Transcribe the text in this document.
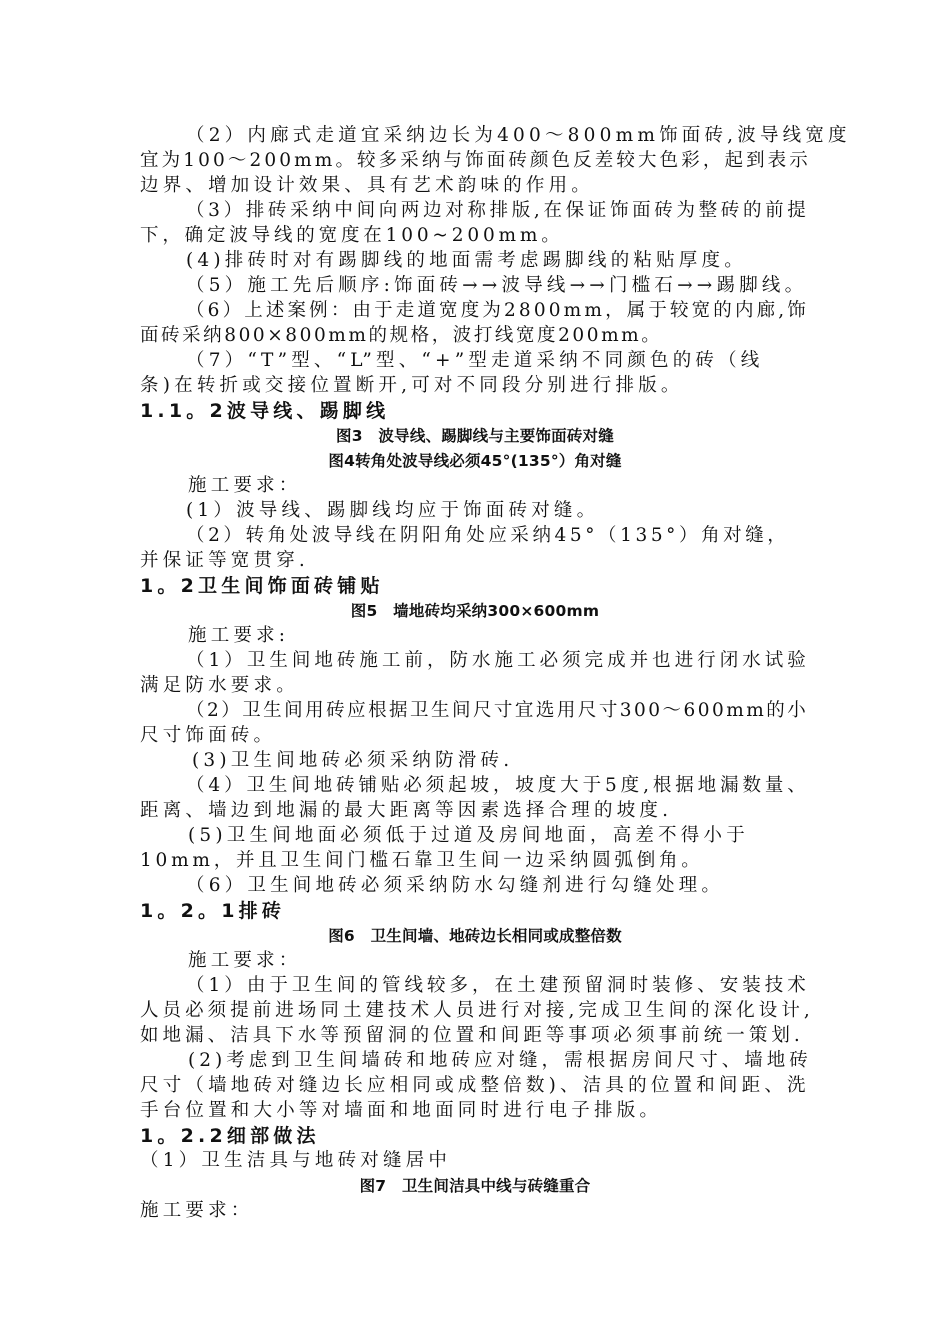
（2）内廊式走道宜采纳边长为400～800mm饰面砖,波导线宽度
宜为100～200mm。较多采纳与饰面砖颜色反差较大色彩，起到表示
边界、增加设计效果、具有艺术韵味的作用。
（3）排砖采纳中间向两边对称排版,在保证饰面砖为整砖的前提
下，确定波导线的宽度在100~200mm。
(4)排砖时对有踢脚线的地面需考虑踢脚线的粘贴厚度。
（5）施工先后顺序:饰面砖→→波导线→→门槛石→→踢脚线。
（6）上述案例：由于走道宽度为2800mm，属于较宽的内廊,饰
面砖采纳800×800mm的规格，波打线宽度200mm。
（7）“T”型、“L”型、“+”型走道采纳不同颜色的砖（线
条)在转折或交接位置断开,可对不同段分别进行排版。
1.1。2波导线、踢脚线
图3　波导线、踢脚线与主要饰面砖对缝
图4转角处波导线必须45°(135°）角对缝
施工要求：
(1）波导线、踢脚线均应于饰面砖对缝。
（2）转角处波导线在阴阳角处应采纳45°（135°）角对缝，
并保证等宽贯穿.
1。2卫生间饰面砖铺贴
图5　墙地砖均采纳300×600mm
施工要求:
（1）卫生间地砖施工前，防水施工必须完成并也进行闭水试验
满足防水要求。
（2）卫生间用砖应根据卫生间尺寸宜选用尺寸300～600mm的小
尺寸饰面砖。
(3)卫生间地砖必须采纳防滑砖.
（4）卫生间地砖铺贴必须起坡，坡度大于5度,根据地漏数量、
距离、墙边到地漏的最大距离等因素选择合理的坡度.
(5)卫生间地面必须低于过道及房间地面，高差不得小于
10mm，并且卫生间门槛石靠卫生间一边采纳圆弧倒角。
（6）卫生间地砖必须采纳防水勾缝剂进行勾缝处理。
1。2。1排砖
图6　卫生间墙、地砖边长相同或成整倍数
施工要求：
（1）由于卫生间的管线较多，在土建预留洞时装修、安装技术
人员必须提前进场同土建技术人员进行对接,完成卫生间的深化设计,
如地漏、洁具下水等预留洞的位置和间距等事项必须事前统一策划.
(2)考虑到卫生间墙砖和地砖应对缝，需根据房间尺寸、墙地砖
尺寸（墙地砖对缝边长应相同或成整倍数)、洁具的位置和间距、洗
手台位置和大小等对墙面和地面同时进行电子排版。
1。2.2细部做法
（1）卫生洁具与地砖对缝居中
图7　卫生间洁具中线与砖缝重合
施工要求：
